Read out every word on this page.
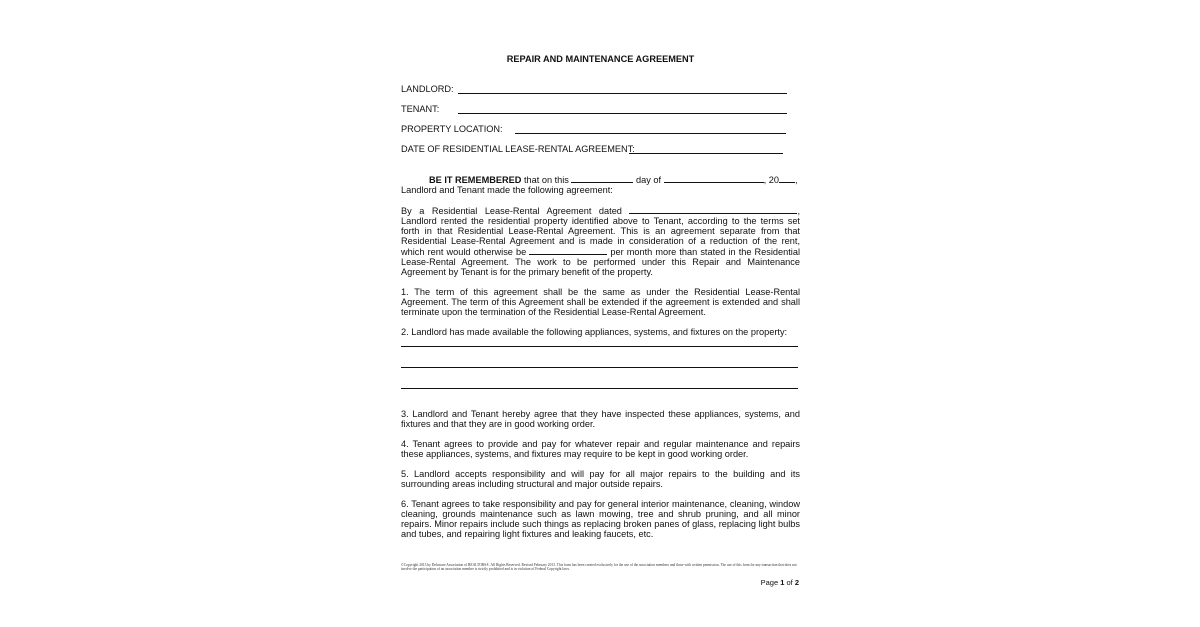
REPAIR AND MAINTENANCE AGREEMENT
LANDLORD:
TENANT:
PROPERTY LOCATION:
DATE OF RESIDENTIAL LEASE-RENTAL AGREEMENT:

BE IT REMEMBERED that on this	day of	, 20 ,
Landlord and Tenant made the following agreement:

By a Residential Lease-Rental Agreement dated	, Landlord rented the residential property identified above to Tenant, according to the terms set forth in that Residential Lease-Rental Agreement. This is an agreement separate from that Residential Lease-Rental Agreement and is made in consideration of a reduction of the rent, which rent would otherwise be	per month more than stated in the Residential Lease-Rental Agreement. The work to be performed under this Repair and Maintenance Agreement by Tenant is for the primary benefit of the property.

1. The term of this agreement shall be the same as under the Residential Lease-Rental Agreement. The term of this Agreement shall be extended if the agreement is extended and shall terminate upon the termination of the Residential Lease-Rental Agreement.

2. Landlord has made available the following appliances, systems, and fixtures on the property:

3. Landlord and Tenant hereby agree that they have inspected these appliances, systems, and fixtures and that they are in good working order.

4. Tenant agrees to provide and pay for whatever repair and regular maintenance and repairs these appliances, systems, and fixtures may require to be kept in good working order.

5. Landlord accepts responsibility and will pay for all major repairs to the building and its surrounding areas including structural and major outside repairs.

6. Tenant agrees to take responsibility and pay for general interior maintenance, cleaning, window cleaning, grounds maintenance such as lawn mowing, tree and shrub pruning, and all minor repairs. Minor repairs include such things as replacing broken panes of glass, replacing light bulbs and tubes, and repairing light fixtures and leaking faucets, etc.

©Copyright 2013 by Delaware Association of REALTORS®. All Rights Reserved. Revised February 2013. This form has been created exclusively for the use of the association members and those with written permission. The use of this form for any transaction that does not involve the participation of an association member is strictly prohibited and is in violation of Federal Copyright laws.
Page 1 of 2
